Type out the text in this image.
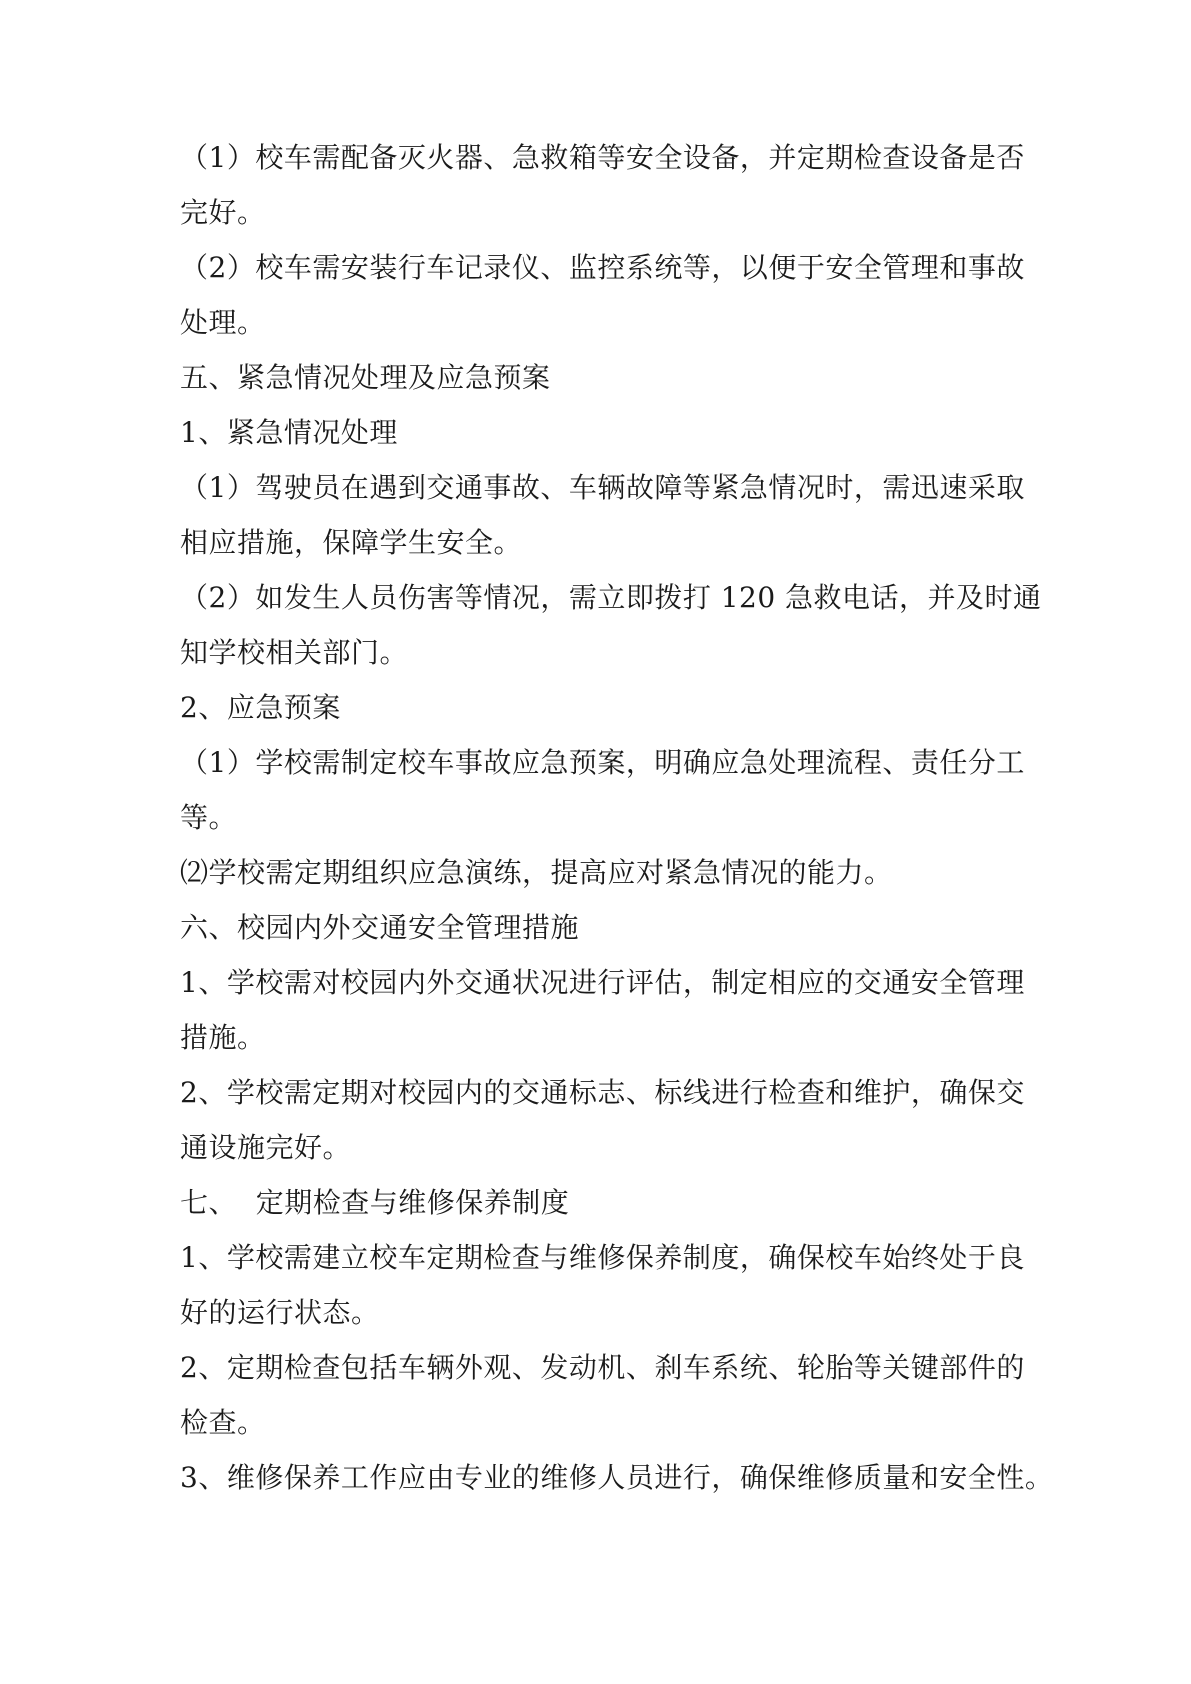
（1）校车需配备灭火器、急救箱等安全设备，并定期检查设备是否
完好。

（2）校车需安装行车记录仪、监控系统等，以便于安全管理和事故
处理。

五、紧急情况处理及应急预案

1、紧急情况处理

（1）驾驶员在遇到交通事故、车辆故障等紧急情况时，需迅速采取
相应措施，保障学生安全。

（2）如发生人员伤害等情况，需立即拨打 120 急救电话，并及时通
知学校相关部门。

2、应急预案

（1）学校需制定校车事故应急预案，明确应急处理流程、责任分工
等。

⑵学校需定期组织应急演练，提高应对紧急情况的能力。

六、校园内外交通安全管理措施

1、学校需对校园内外交通状况进行评估，制定相应的交通安全管理
措施。

2、学校需定期对校园内的交通标志、标线进行检查和维护，确保交
通设施完好。

七、  定期检查与维修保养制度

1、学校需建立校车定期检查与维修保养制度，确保校车始终处于良
好的运行状态。

2、定期检查包括车辆外观、发动机、刹车系统、轮胎等关键部件的
检查。

3、维修保养工作应由专业的维修人员进行，确保维修质量和安全性。
